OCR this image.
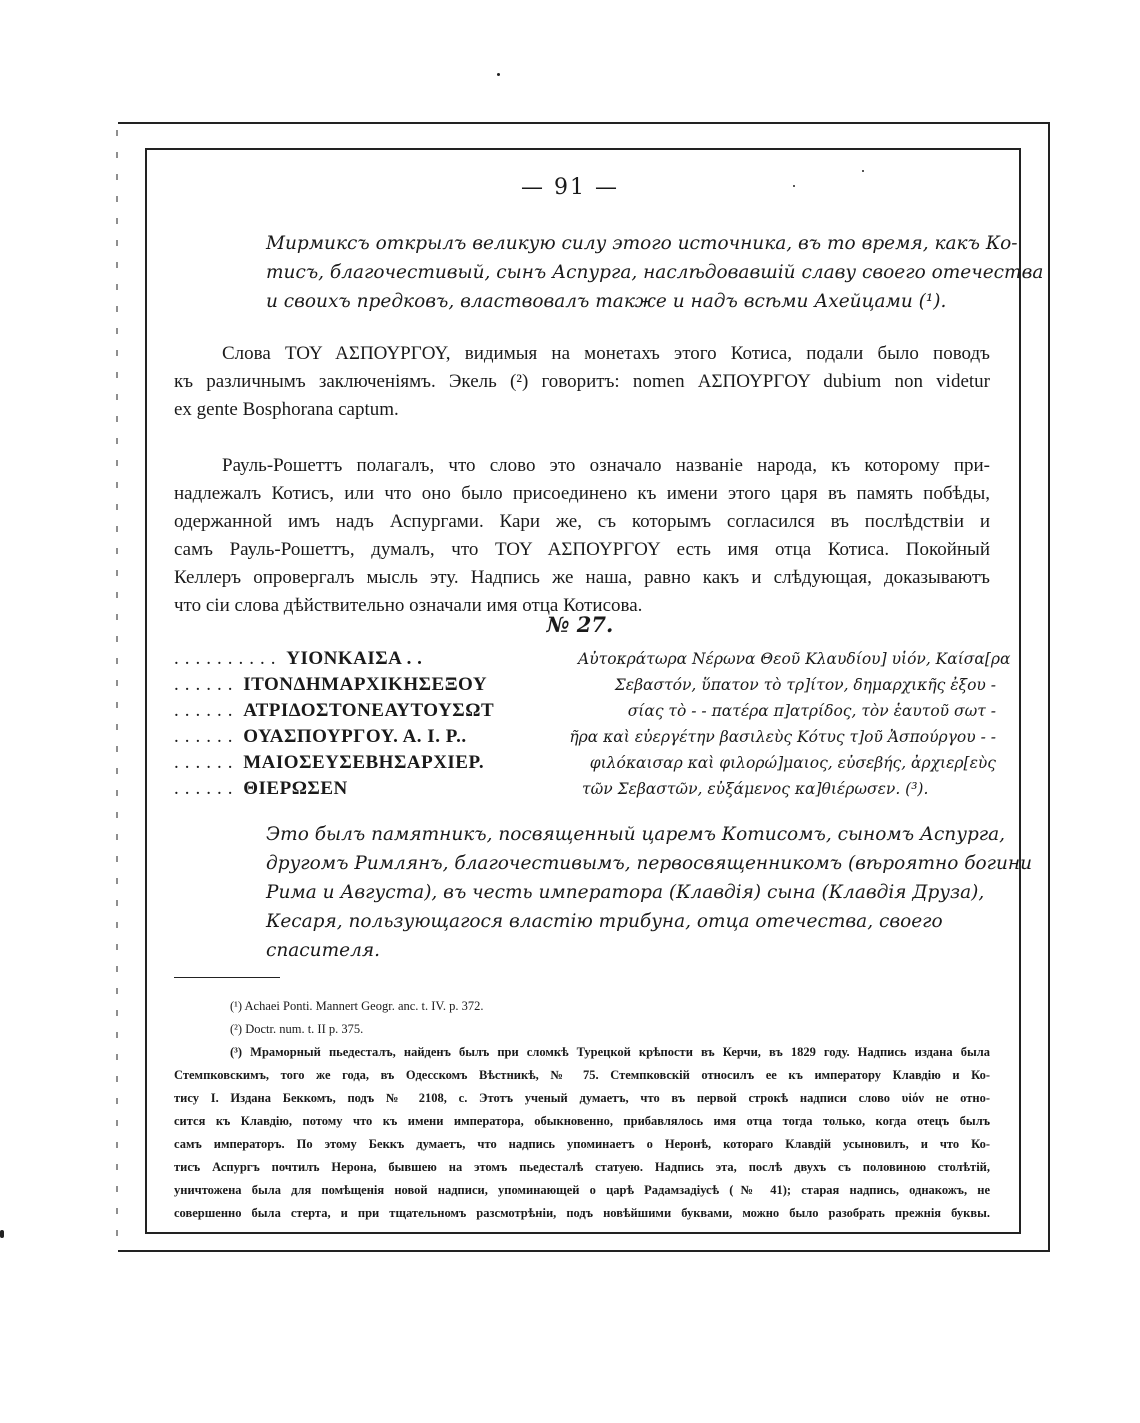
— 91 —
Мирмиксъ открылъ великую силу этого источника, въ то время, какъ Ко-
тисъ, благочестивый, сынъ Аспурга, наслѣдовавшій славу своего отечества
и своихъ предковъ, властвовалъ также и надъ всѣми Ахейцами (¹).
Слова ΤΟΥ ΑΣΠΟΥΡΓΟΥ, видимыя на монетахъ этого Котиса, подали было поводъ
къ различнымъ заключеніямъ. Экель (²) говоритъ: nomen ΑΣΠΟΥΡΓΟΥ dubium non videtur
ex gente Bosphorana captum.
Рауль-Рошеттъ полагалъ, что слово это означало названіе народа, къ которому при-
надлежалъ Котисъ, или что оно было присоединено къ имени этого царя въ память побѣды,
одержанной имъ надъ Аспургами. Кари же, съ которымъ согласился въ послѣдствіи и
самъ Рауль-Рошеттъ, думалъ, что ΤΟΥ ΑΣΠΟΥΡΓΟΥ есть имя отца Котиса. Покойный
Келлеръ опровергалъ мысль эту. Надпись же наша, равно какъ и слѣдующая, доказываютъ
что сіи слова дѣйствительно означали имя отца Котисова.
№ 27.
..........
ΥΙΟΝΚΑΙΣΑ . .
......
ΙΤΟΝΔΗΜΑΡΧΙΚΗΣΕΞΟΥ
......
ΑΤΡΙΔΟΣΤΟΝΕΑΥΤΟΥΣΩΤ
......
ΟΥΑΣΠΟΥΡΓΟΥ. Α. Ι. Ρ..
......
ΜΑΙΟΣΕΥΣΕΒΗΣΑΡΧΙΕΡ.
......
ΘΙΕΡΩΣΕΝ
Αὐτοκράτωρα Νέρωνα Θεοῦ Κλαυδίου] υἱόν, Καίσα[ρα
Σεβαστόν, ὕπατον τὸ τρ]ίτον, δημαρχικῆς ἐξου -
σίας τὸ - - πατέρα π]ατρίδος, τὸν ἑαυτοῦ σωτ -
ῆρα καὶ εὐεργέτην βασιλεὺς Κότυς τ]οῦ Ἀσπούργου - -
φιλόκαισαρ καὶ φιλορώ]μαιος, εὐσεβής, ἀρχιερ[εὺς
τῶν Σεβαστῶν, εὐξάμενος κα]θιέρωσεν. (³).
Это былъ памятникъ, посвященный царемъ Котисомъ, сыномъ Аспурга,
другомъ Римлянъ, благочестивымъ, первосвященникомъ (вѣроятно богини
Рима и Августа), въ честь императора (Клавдія) сына (Клавдія Друза),
Кесаря, пользующагося властію трибуна, отца отечества, своего
спасителя.
(¹) Achaei Ponti. Mannert Geogr. anc. t. IV. p. 372.
(²) Doctr. num. t. II p. 375.
(³) Мраморный пьедесталъ, найденъ былъ при сломкѣ Турецкой крѣпости въ Керчи, въ 1829 году. Надпись издана была
Стемпковскимъ, того же года, въ Одесскомъ Вѣстникѣ, № 75. Стемпковскій относилъ ее къ императору Клавдію и Ко-
тису I. Издана Беккомъ, подъ № 2108, с. Этотъ ученый думаетъ, что въ первой строкѣ надписи слово υἱόν не отно-
сится къ Клавдію, потому что къ имени императора, обыкновенно, прибавлялось имя отца тогда только, когда отецъ былъ
самъ императоръ. По этому Беккъ думаетъ, что надпись упоминаетъ о Неронѣ, котораго Клавдій усыновилъ, и что Ко-
тисъ Аспургъ почтилъ Нерона, бывшею на этомъ пьедесталѣ статуею. Надпись эта, послѣ двухъ съ половиною столѣтій,
уничтожена была для помѣщенія новой надписи, упоминающей о царѣ Радамзадіусѣ (№ 41); старая надпись, однакожъ, не
совершенно была стерта, и при тщательномъ разсмотрѣніи, подъ новѣйшими буквами, можно было разобрать прежнія буквы.
